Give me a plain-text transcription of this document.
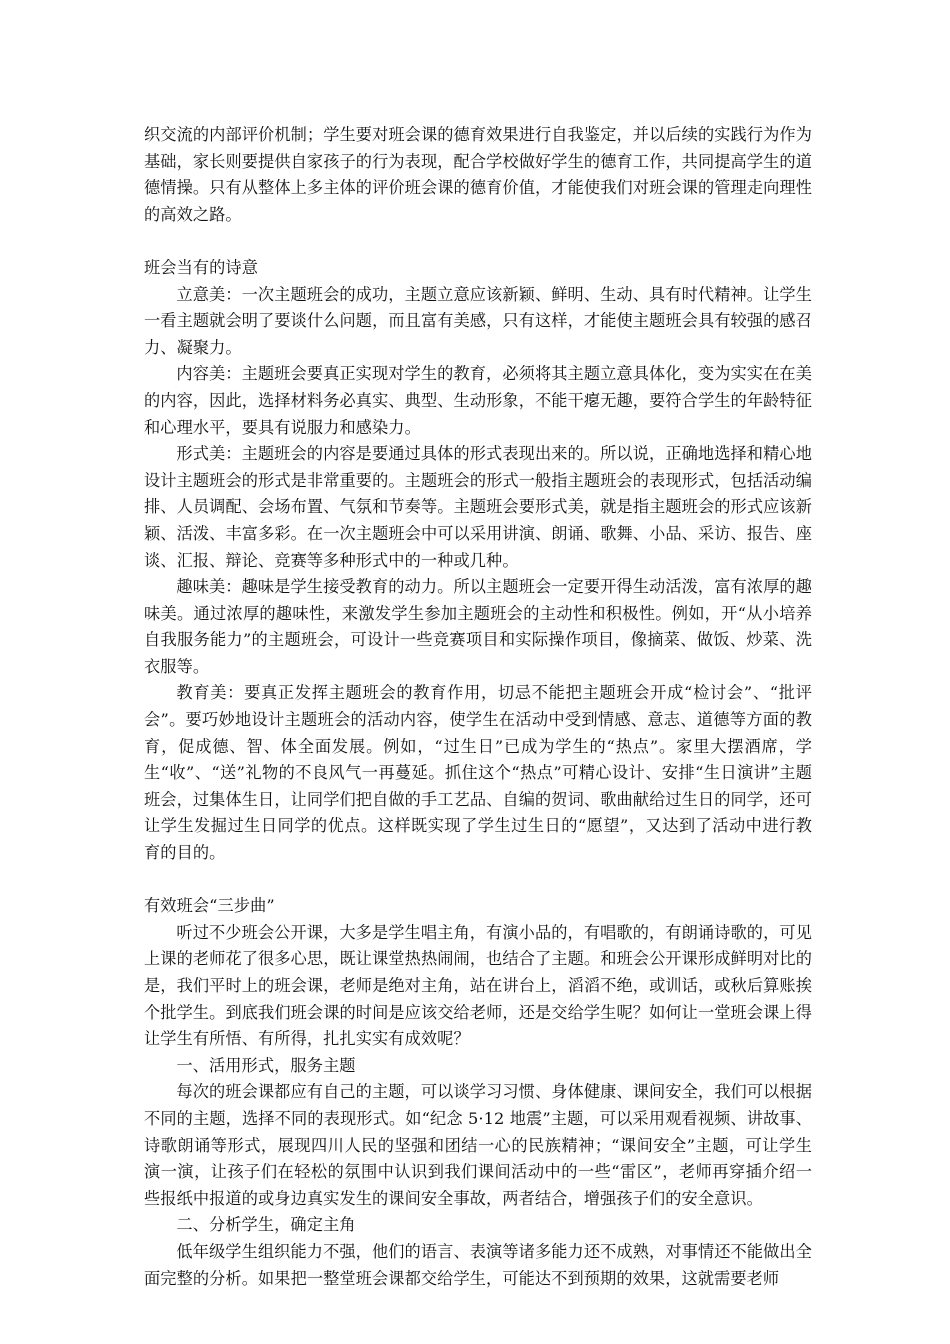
织交流的内部评价机制；学生要对班会课的德育效果进行自我鉴定，并以后续的实践行为作为基础，家长则要提供自家孩子的行为表现，配合学校做好学生的德育工作，共同提高学生的道德情操。只有从整体上多主体的评价班会课的德育价值，才能使我们对班会课的管理走向理性的高效之路。

班会当有的诗意

立意美：一次主题班会的成功，主题立意应该新颖、鲜明、生动、具有时代精神。让学生一看主题就会明了要谈什么问题，而且富有美感，只有这样，才能使主题班会具有较强的感召力、凝聚力。

内容美：主题班会要真正实现对学生的教育，必须将其主题立意具体化，变为实实在在美的内容，因此，选择材料务必真实、典型、生动形象，不能干瘪无趣，要符合学生的年龄特征和心理水平，要具有说服力和感染力。

形式美：主题班会的内容是要通过具体的形式表现出来的。所以说，正确地选择和精心地设计主题班会的形式是非常重要的。主题班会的形式一般指主题班会的表现形式，包括活动编排、人员调配、会场布置、气氛和节奏等。主题班会要形式美，就是指主题班会的形式应该新颖、活泼、丰富多彩。在一次主题班会中可以采用讲演、朗诵、歌舞、小品、采访、报告、座谈、汇报、辩论、竞赛等多种形式中的一种或几种。

趣味美：趣味是学生接受教育的动力。所以主题班会一定要开得生动活泼，富有浓厚的趣味美。通过浓厚的趣味性，来激发学生参加主题班会的主动性和积极性。例如，开“从小培养自我服务能力”的主题班会，可设计一些竞赛项目和实际操作项目，像摘菜、做饭、炒菜、洗衣服等。

教育美：要真正发挥主题班会的教育作用，切忌不能把主题班会开成“检讨会”、“批评会”。要巧妙地设计主题班会的活动内容，使学生在活动中受到情感、意志、道德等方面的教育，促成德、智、体全面发展。例如，“过生日”已成为学生的“热点”。家里大摆酒席，学生“收”、“送”礼物的不良风气一再蔓延。抓住这个“热点”可精心设计、安排“生日演讲”主题班会，过集体生日，让同学们把自做的手工艺品、自编的贺词、歌曲献给过生日的同学，还可让学生发掘过生日同学的优点。这样既实现了学生过生日的“愿望”，又达到了活动中进行教育的目的。

有效班会“三步曲”

听过不少班会公开课，大多是学生唱主角，有演小品的，有唱歌的，有朗诵诗歌的，可见上课的老师花了很多心思，既让课堂热热闹闹，也结合了主题。和班会公开课形成鲜明对比的是，我们平时上的班会课，老师是绝对主角，站在讲台上，滔滔不绝，或训话，或秋后算账挨个批学生。到底我们班会课的时间是应该交给老师，还是交给学生呢？如何让一堂班会课上得让学生有所悟、有所得，扎扎实实有成效呢？

一、活用形式，服务主题

每次的班会课都应有自己的主题，可以谈学习习惯、身体健康、课间安全，我们可以根据不同的主题，选择不同的表现形式。如“纪念 5·12 地震”主题，可以采用观看视频、讲故事、诗歌朗诵等形式，展现四川人民的坚强和团结一心的民族精神；“课间安全”主题，可让学生演一演，让孩子们在轻松的氛围中认识到我们课间活动中的一些“雷区”，老师再穿插介绍一些报纸中报道的或身边真实发生的课间安全事故，两者结合，增强孩子们的安全意识。

二、分析学生，确定主角

低年级学生组织能力不强，他们的语言、表演等诸多能力还不成熟，对事情还不能做出全面完整的分析。如果把一整堂班会课都交给学生，可能达不到预期的效果，这就需要老师
